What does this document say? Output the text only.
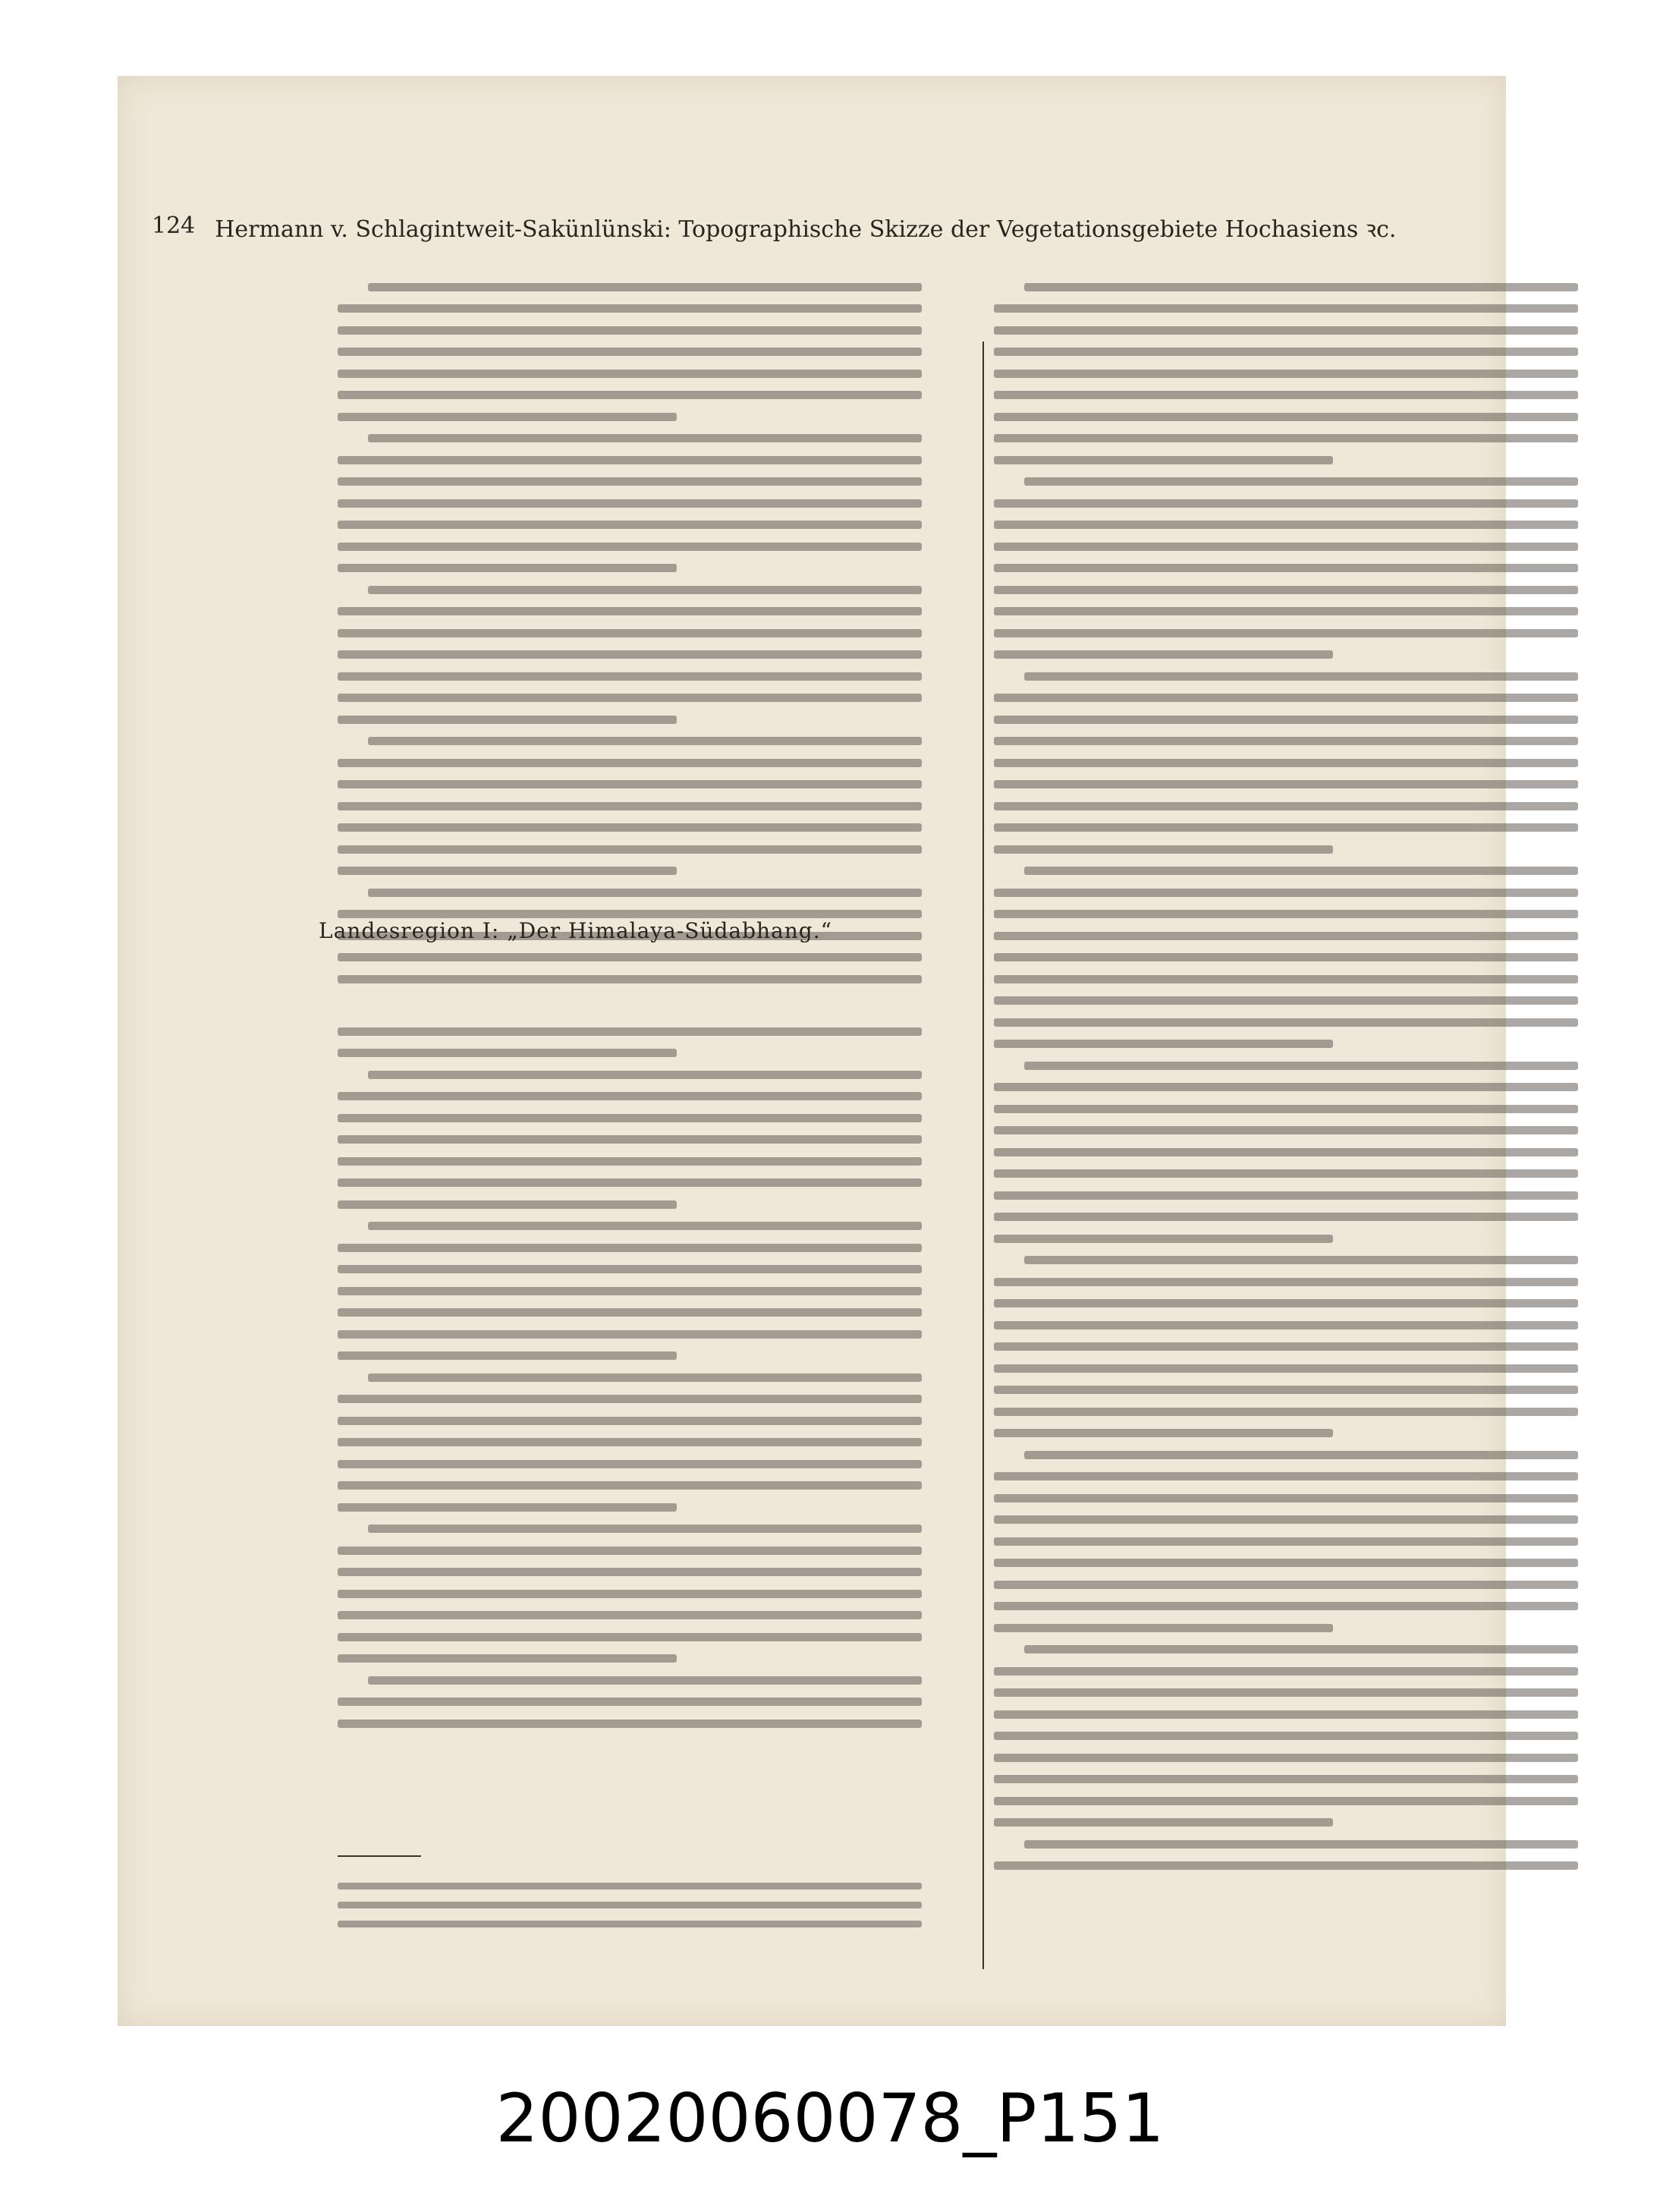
124 Hermann v. Schlagintweit-Sakünlünski: Topographische Skizze der Vegetationsgebiete Hochasiens ꝛc.
Landesregion I: „Der Himalaya-Südabhang.“
20020060078_P151
